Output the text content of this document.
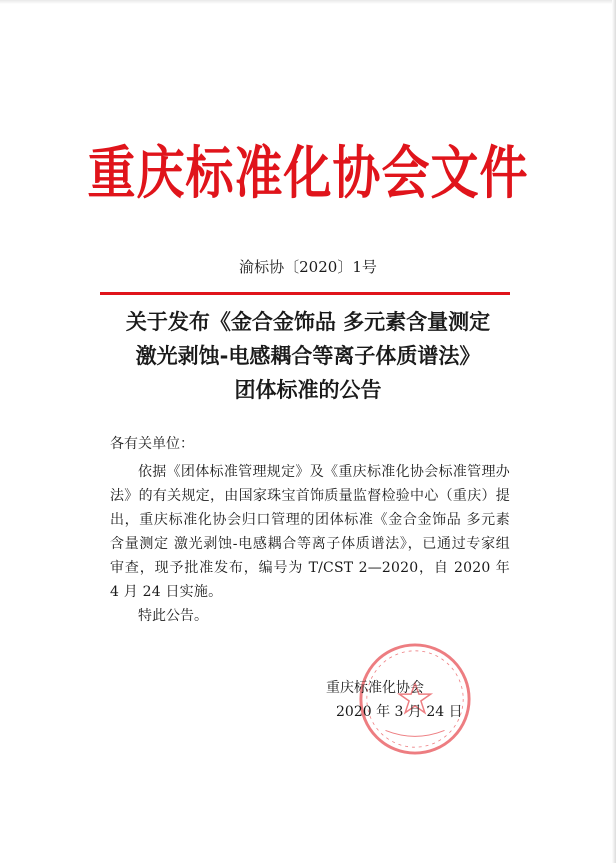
重庆标准化协会文件
渝标协〔2020〕1号
关于发布《金合金饰品 多元素含量测定
激光剥蚀-电感耦合等离子体质谱法》
团体标准的公告

各有关单位：

依据《团体标准管理规定》及《重庆标准化协会标准管理办法》的有关规定，由国家珠宝首饰质量监督检验中心（重庆）提出，重庆标准化协会归口管理的团体标准《金合金饰品 多元素含量测定 激光剥蚀-电感耦合等离子体质谱法》，已通过专家组审查，现予批准发布，编号为 T/CST 2—2020，自 2020 年 4 月 24 日实施。

特此公告。

重庆标准化协会
2020 年 3 月 24 日
